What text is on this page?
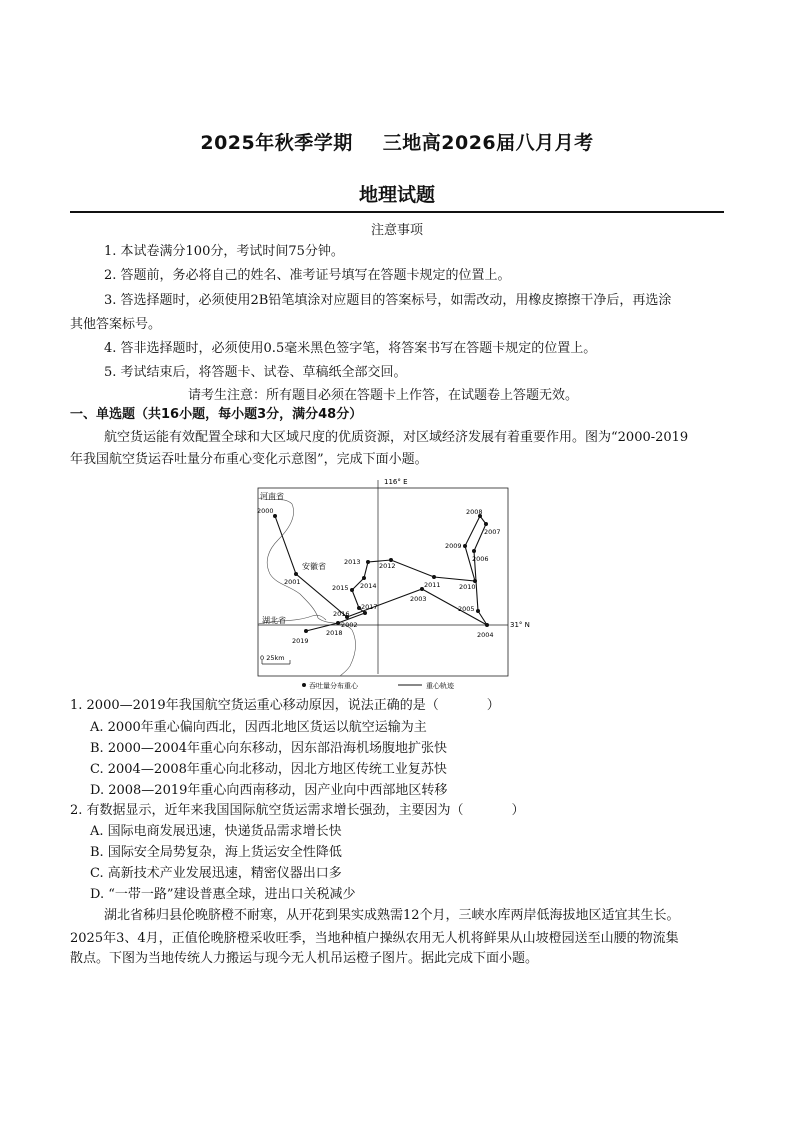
2025年秋季学期 三地高2026届八月月考
地理试题
注意事项
1. 本试卷满分100分，考试时间75分钟。
2. 答题前，务必将自己的姓名、准考证号填写在答题卡规定的位置上。
3. 答选择题时，必须使用2B铅笔填涂对应题目的答案标号，如需改动，用橡皮擦擦干净后，再选涂
其他答案标号。
4. 答非选择题时，必须使用0.5毫米黑色签字笔，将答案书写在答题卡规定的位置上。
5. 考试结束后，将答题卡、试卷、草稿纸全部交回。
请考生注意：所有题目必须在答题卡上作答，在试题卷上答题无效。
一、单选题（共16小题，每小题3分，满分48分）
航空货运能有效配置全球和大区域尺度的优质资源，对区域经济发展有着重要作用。图为“2000-2019
年我国航空货运吞吐量分布重心变化示意图”，完成下面小题。
116° E
31° N
河南省
安徽省
湖北省
2000
2001
2002
2003
2004
2005
2006
2007
2008
2009
2010
2011
2012
2013
2014
2015
2016
2017
2018
2019
0 25km
吞吐量分布重心	重心轨迹
1. 2000—2019年我国航空货运重心移动原因，说法正确的是（	）
A. 2000年重心偏向西北，因西北地区货运以航空运输为主
B. 2000—2004年重心向东移动，因东部沿海机场腹地扩张快
C. 2004—2008年重心向北移动，因北方地区传统工业复苏快
D. 2008—2019年重心向西南移动，因产业向中西部地区转移
2. 有数据显示，近年来我国国际航空货运需求增长强劲，主要因为（	）
A. 国际电商发展迅速，快递货品需求增长快
B. 国际安全局势复杂，海上货运安全性降低
C. 高新技术产业发展迅速，精密仪器出口多
D. “一带一路”建设普惠全球，进出口关税减少
湖北省秭归县伦晚脐橙不耐寒，从开花到果实成熟需12个月，三峡水库两岸低海拔地区适宜其生长。
2025年3、4月，正值伦晚脐橙采收旺季，当地种植户操纵农用无人机将鲜果从山坡橙园送至山腰的物流集
散点。下图为当地传统人力搬运与现今无人机吊运橙子图片。据此完成下面小题。
